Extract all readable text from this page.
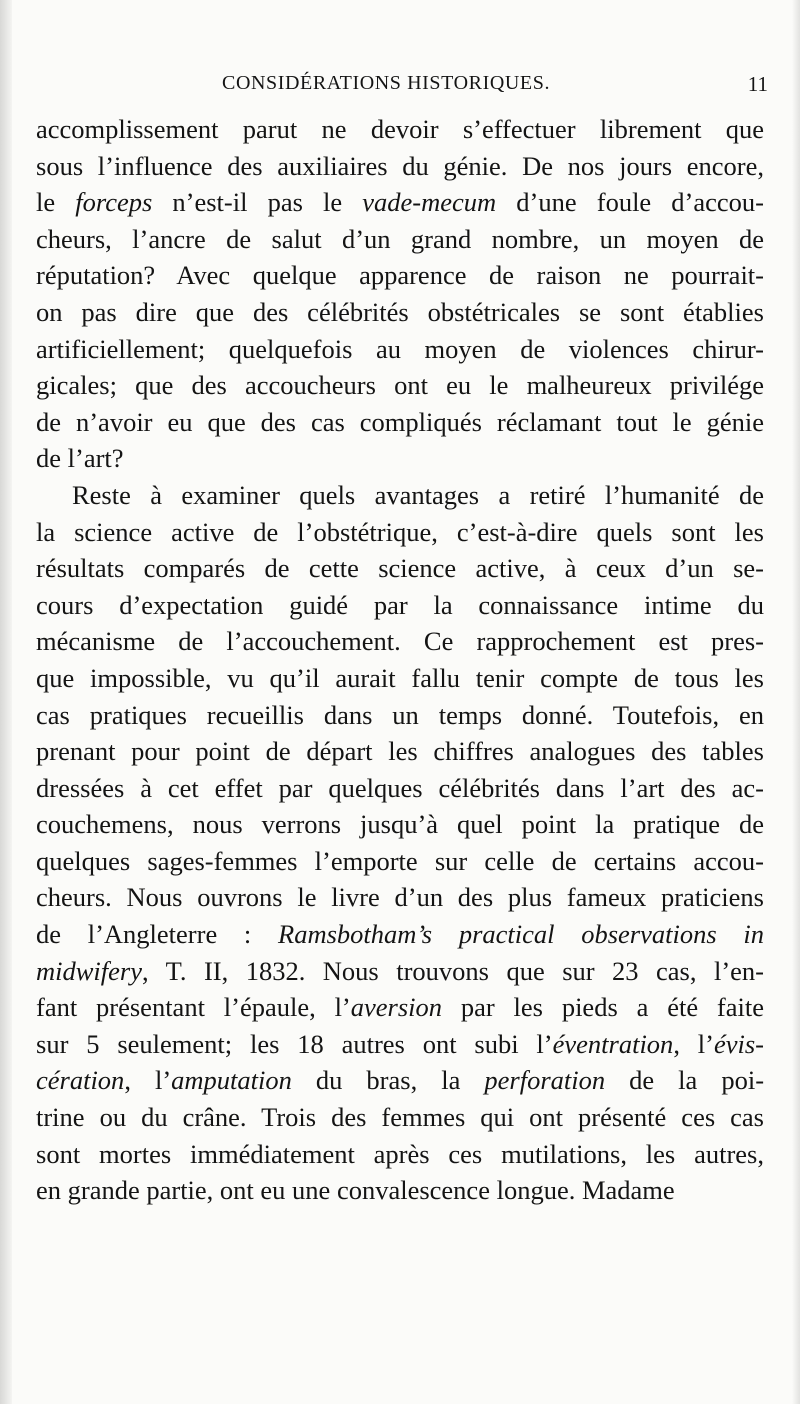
CONSIDÉRATIONS HISTORIQUES.	11
accomplissement parut ne devoir s’effectuer librement que
sous l’influence des auxiliaires du génie. De nos jours encore,
le forceps n’est-il pas le vade-mecum d’une foule d’accou-
cheurs, l’ancre de salut d’un grand nombre, un moyen de
réputation? Avec quelque apparence de raison ne pourrait-
on pas dire que des célébrités obstétricales se sont établies
artificiellement; quelquefois au moyen de violences chirur-
gicales; que des accoucheurs ont eu le malheureux privilége
de n’avoir eu que des cas compliqués réclamant tout le génie
de l’art?
Reste à examiner quels avantages a retiré l’humanité de
la science active de l’obstétrique, c’est-à-dire quels sont les
résultats comparés de cette science active, à ceux d’un se-
cours d’expectation guidé par la connaissance intime du
mécanisme de l’accouchement. Ce rapprochement est pres-
que impossible, vu qu’il aurait fallu tenir compte de tous les
cas pratiques recueillis dans un temps donné. Toutefois, en
prenant pour point de départ les chiffres analogues des tables
dressées à cet effet par quelques célébrités dans l’art des ac-
couchemens, nous verrons jusqu’à quel point la pratique de
quelques sages-femmes l’emporte sur celle de certains accou-
cheurs. Nous ouvrons le livre d’un des plus fameux praticiens
de l’Angleterre : Ramsbotham’s practical observations in
midwifery, T. II, 1832. Nous trouvons que sur 23 cas, l’en-
fant présentant l’épaule, l’aversion par les pieds a été faite
sur 5 seulement; les 18 autres ont subi l’éventration, l’évis-
cération, l’amputation du bras, la perforation de la poi-
trine ou du crâne. Trois des femmes qui ont présenté ces cas
sont mortes immédiatement après ces mutilations, les autres,
en grande partie, ont eu une convalescence longue. Madame
